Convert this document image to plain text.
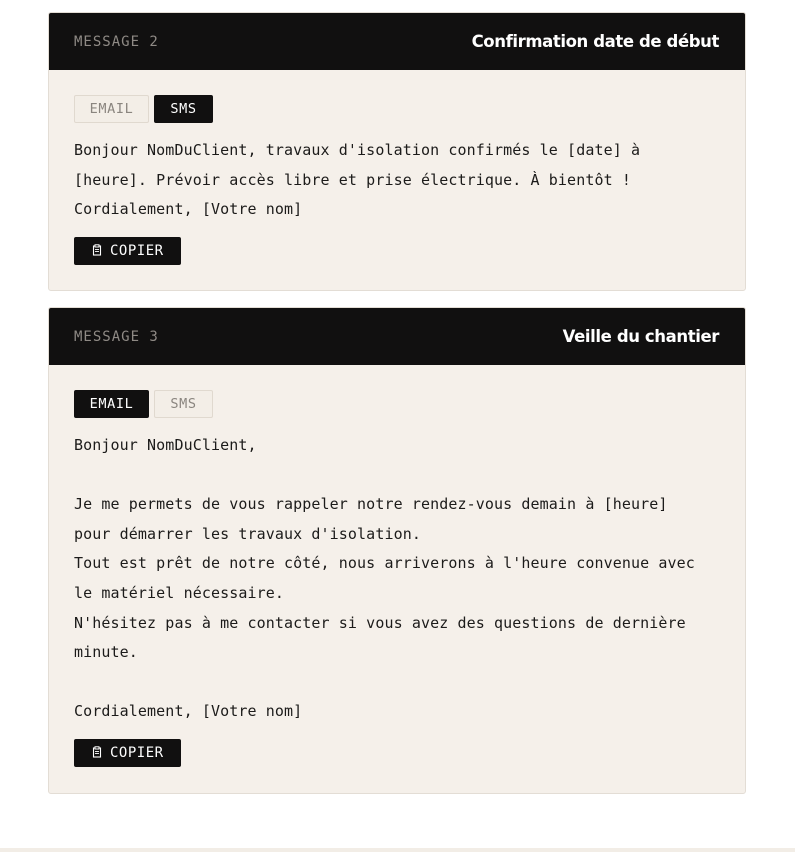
MESSAGE 2	Confirmation date de début
EMAIL	SMS
Bonjour NomDuClient, travaux d'isolation confirmés le [date] à
[heure]. Prévoir accès libre et prise électrique. À bientôt !
Cordialement, [Votre nom]
COPIER
MESSAGE 3	Veille du chantier
EMAIL	SMS
Bonjour NomDuClient,

Je me permets de vous rappeler notre rendez-vous demain à [heure]
pour démarrer les travaux d'isolation.
Tout est prêt de notre côté, nous arriverons à l'heure convenue avec
le matériel nécessaire.
N'hésitez pas à me contacter si vous avez des questions de dernière
minute.

Cordialement, [Votre nom]
COPIER
